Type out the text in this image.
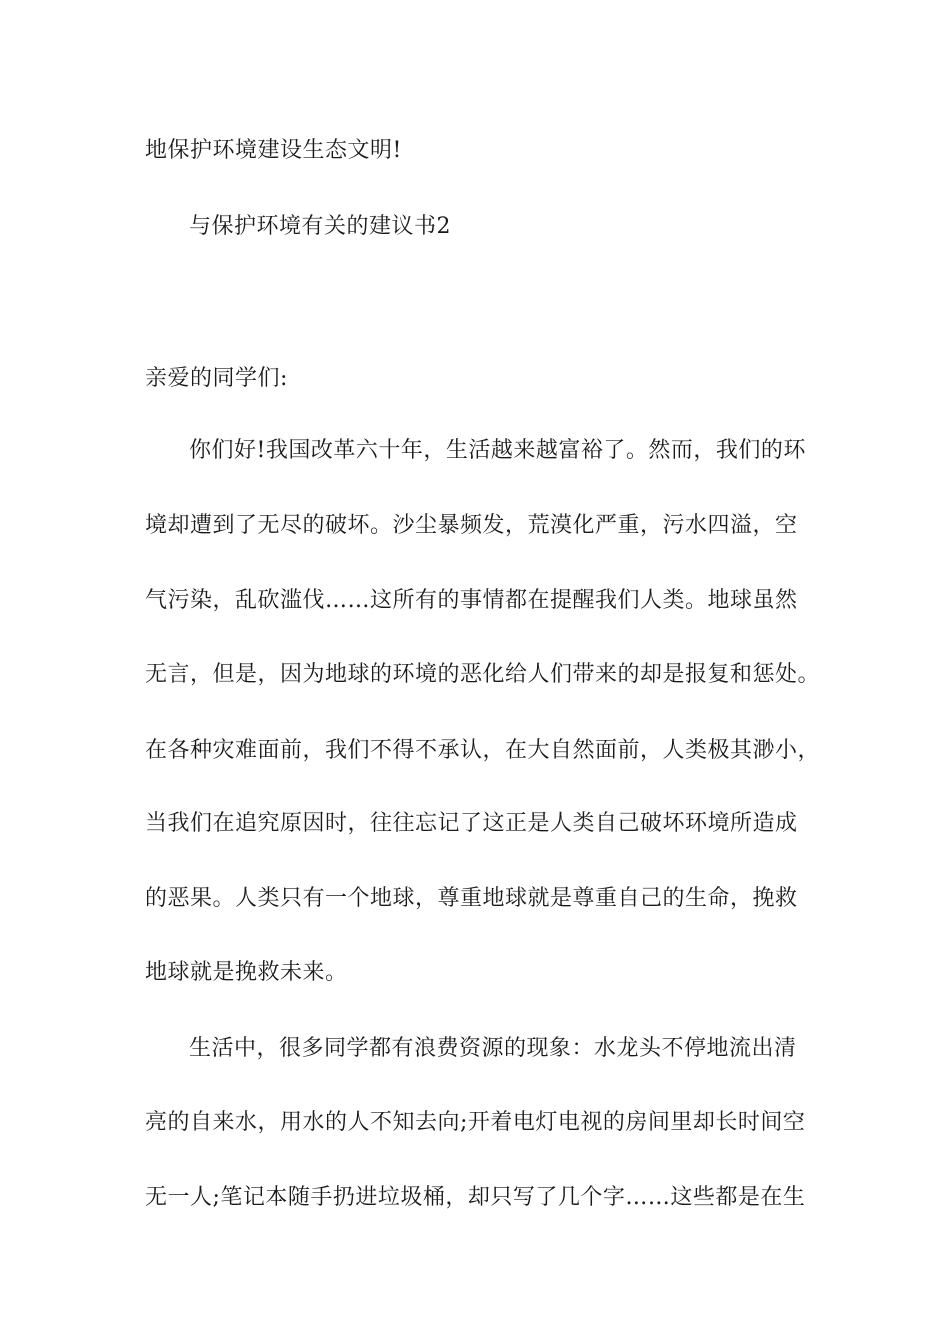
地保护环境建设生态文明!
与保护环境有关的建议书2
亲爱的同学们:
你们好!我国改革六十年，生活越来越富裕了。然而，我们的环
境却遭到了无尽的破坏。沙尘暴频发，荒漠化严重，污水四溢，空
气污染，乱砍滥伐……这所有的事情都在提醒我们人类。地球虽然
无言，但是，因为地球的环境的恶化给人们带来的却是报复和惩处。
在各种灾难面前，我们不得不承认，在大自然面前，人类极其渺小，
当我们在追究原因时，往往忘记了这正是人类自己破坏环境所造成
的恶果。人类只有一个地球，尊重地球就是尊重自己的生命，挽救
地球就是挽救未来。
生活中，很多同学都有浪费资源的现象：水龙头不停地流出清
亮的自来水，用水的人不知去向;开着电灯电视的房间里却长时间空
无一人;笔记本随手扔进垃圾桶，却只写了几个字……这些都是在生
